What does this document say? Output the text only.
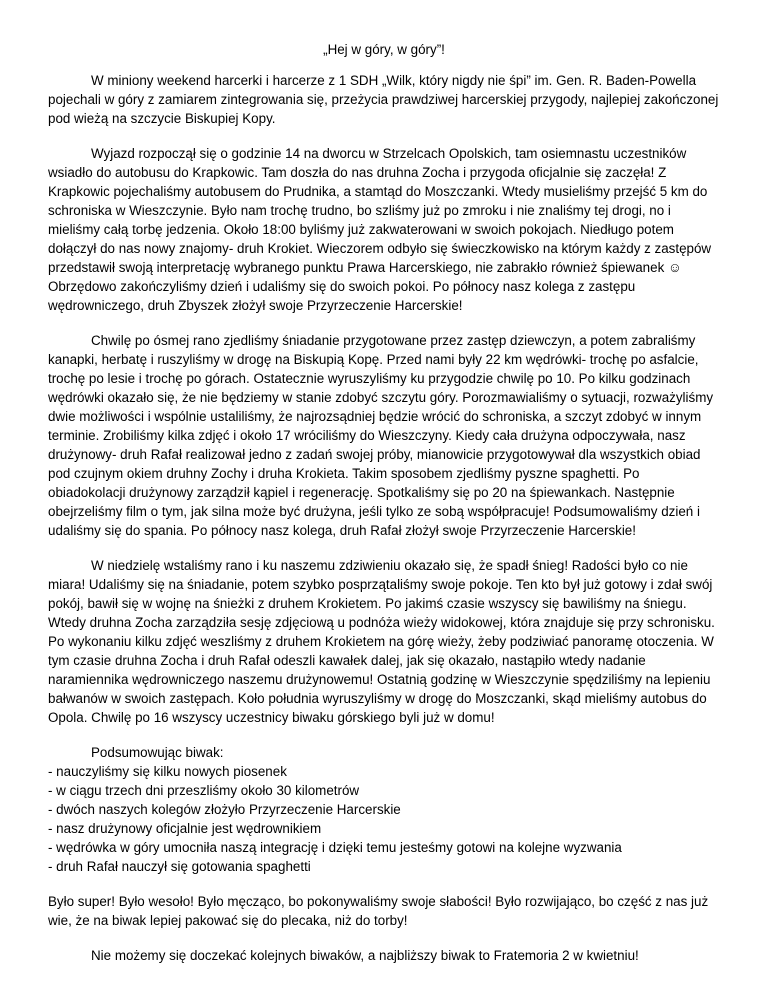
„Hej w góry, w góry”!

W miniony weekend harcerki i harcerze z 1 SDH „Wilk, który nigdy nie śpi” im. Gen. R. Baden-Powella pojechali w góry z zamiarem zintegrowania się, przeżycia prawdziwej harcerskiej przygody, najlepiej zakończonej pod wieżą na szczycie Biskupiej Kopy.

Wyjazd rozpoczął się o godzinie 14 na dworcu w Strzelcach Opolskich, tam osiemnastu uczestników wsiadło do autobusu do Krapkowic. Tam doszła do nas druhna Zocha i przygoda oficjalnie się zaczęła! Z Krapkowic pojechaliśmy autobusem do Prudnika, a stamtąd do Moszczanki. Wtedy musieliśmy przejść 5 km do schroniska w Wieszczynie. Było nam trochę trudno, bo szliśmy już po zmroku i nie znaliśmy tej drogi, no i mieliśmy całą torbę jedzenia. Około 18:00 byliśmy już zakwaterowani w swoich pokojach. Niedługo potem dołączył do nas nowy znajomy- druh Krokiet. Wieczorem odbyło się świeczkowisko na którym każdy z zastępów przedstawił swoją interpretację wybranego punktu Prawa Harcerskiego, nie zabrakło również śpiewanek ☺ Obrzędowo zakończyliśmy dzień i udaliśmy się do swoich pokoi. Po północy nasz kolega z zastępu wędrowniczego, druh Zbyszek złożył swoje Przyrzeczenie Harcerskie!

Chwilę po ósmej rano zjedliśmy śniadanie przygotowane przez zastęp dziewczyn, a potem zabraliśmy kanapki, herbatę i ruszyliśmy w drogę na Biskupią Kopę. Przed nami były 22 km wędrówki- trochę po asfalcie, trochę po lesie i trochę po górach. Ostatecznie wyruszyliśmy ku przygodzie chwilę po 10. Po kilku godzinach wędrówki okazało się, że nie będziemy w stanie zdobyć szczytu góry. Porozmawialiśmy o sytuacji, rozważyliśmy dwie możliwości i wspólnie ustaliliśmy, że najrozsądniej będzie wrócić do schroniska, a szczyt zdobyć w innym terminie. Zrobiliśmy kilka zdjęć i około 17 wróciliśmy do Wieszczyny. Kiedy cała drużyna odpoczywała, nasz drużynowy- druh Rafał realizował jedno z zadań swojej próby, mianowicie przygotowywał dla wszystkich obiad pod czujnym okiem druhny Zochy i druha Krokieta. Takim sposobem zjedliśmy pyszne spaghetti. Po obiadokolacji drużynowy zarządził kąpiel i regenerację. Spotkaliśmy się po 20 na śpiewankach. Następnie obejrzeliśmy film o tym, jak silna może być drużyna, jeśli tylko ze sobą współpracuje! Podsumowaliśmy dzień i udaliśmy się do spania. Po północy nasz kolega, druh Rafał złożył swoje Przyrzeczenie Harcerskie!

W niedzielę wstaliśmy rano i ku naszemu zdziwieniu okazało się, że spadł śnieg! Radości było co nie miara! Udaliśmy się na śniadanie, potem szybko posprzątaliśmy swoje pokoje. Ten kto był już gotowy i zdał swój pokój, bawił się w wojnę na śnieżki z druhem Krokietem. Po jakimś czasie wszyscy się bawiliśmy na śniegu. Wtedy druhna Zocha zarządziła sesję zdjęciową u podnóża wieży widokowej, która znajduje się przy schronisku. Po wykonaniu kilku zdjęć weszliśmy z druhem Krokietem na górę wieży, żeby podziwiać panoramę otoczenia. W tym czasie druhna Zocha i druh Rafał odeszli kawałek dalej, jak się okazało, nastąpiło wtedy nadanie naramiennika wędrowniczego naszemu drużynowemu! Ostatnią godzinę w Wieszczynie spędziliśmy na lepieniu bałwanów w swoich zastępach. Koło południa wyruszyliśmy w drogę do Moszczanki, skąd mieliśmy autobus do Opola. Chwilę po 16 wszyscy uczestnicy biwaku górskiego byli już w domu!

Podsumowując biwak:

- nauczyliśmy się kilku nowych piosenek
- w ciągu trzech dni przeszliśmy około 30 kilometrów
- dwóch naszych kolegów złożyło Przyrzeczenie Harcerskie
- nasz drużynowy oficjalnie jest wędrownikiem
- wędrówka w góry umocniła naszą integrację i dzięki temu jesteśmy gotowi na kolejne wyzwania
- druh Rafał nauczył się gotowania spaghetti

Było super! Było wesoło! Było męcząco, bo pokonywaliśmy swoje słabości! Było rozwijająco, bo część z nas już wie, że na biwak lepiej pakować się do plecaka, niż do torby!

Nie możemy się doczekać kolejnych biwaków, a najbliższy biwak to Fratemoria 2 w kwietniu!
